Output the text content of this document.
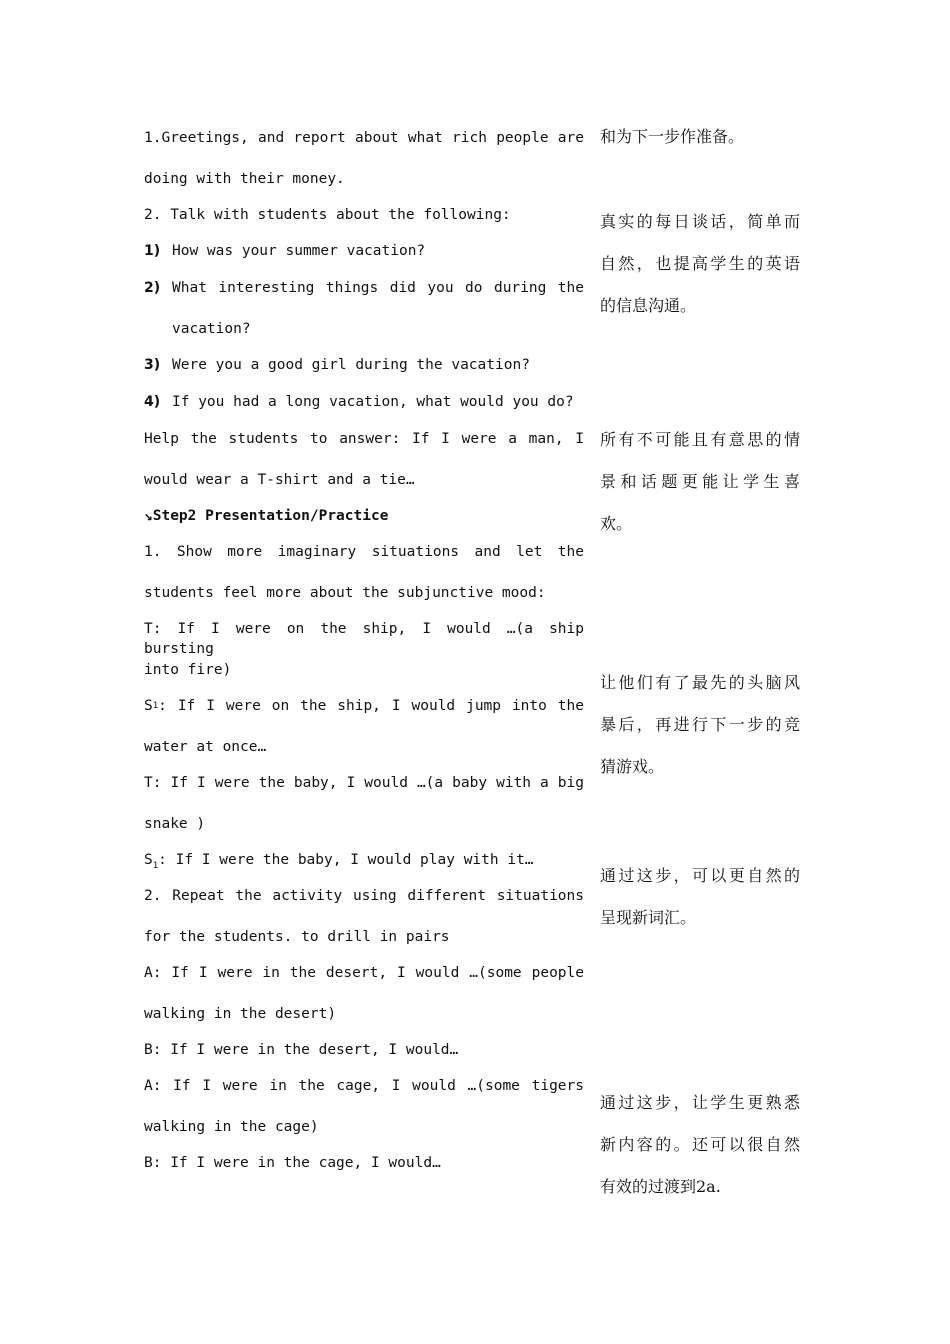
1.Greetings, and report about what rich people are
doing with their money.
2. Talk with students about the following:
1) How was your summer vacation?
2) What interesting things did you do during the
vacation?
3) Were you a good girl during the vacation?
4) If you had a long vacation, what would you do?
Help the students to answer: If I were a man, I
would wear a T-shirt and a tie…
↘Step2 Presentation/Practice
1. Show more imaginary situations and let the
students feel more about the subjunctive mood:
T: If I were on the ship, I would …(a ship bursting
into fire)
S 1 : If I were on the ship, I would jump into the
water at once…
T: If I were the baby, I would …(a baby with a big
snake )
$S_1$: If I were the baby, I would play with it…
2. Repeat the activity using different situations
for the students. to drill in pairs
A: If I were in the desert, I would …(some people
walking in the desert)
B: If I were in the desert, I would…
A: If I were in the cage, I would …(some tigers
walking in the cage)
B: If I were in the cage, I would…
和为下一步作准备。
真实的每日谈话，简单而
自然，也提高学生的英语
的信息沟通。
所有不可能且有意思的情
景和话题更能让学生喜
欢。
让他们有了最先的头脑风
暴后，再进行下一步的竞
猜游戏。
通过这步，可以更自然的
呈现新词汇。
通过这步，让学生更熟悉
新内容的。还可以很自然
有效的过渡到2a.
